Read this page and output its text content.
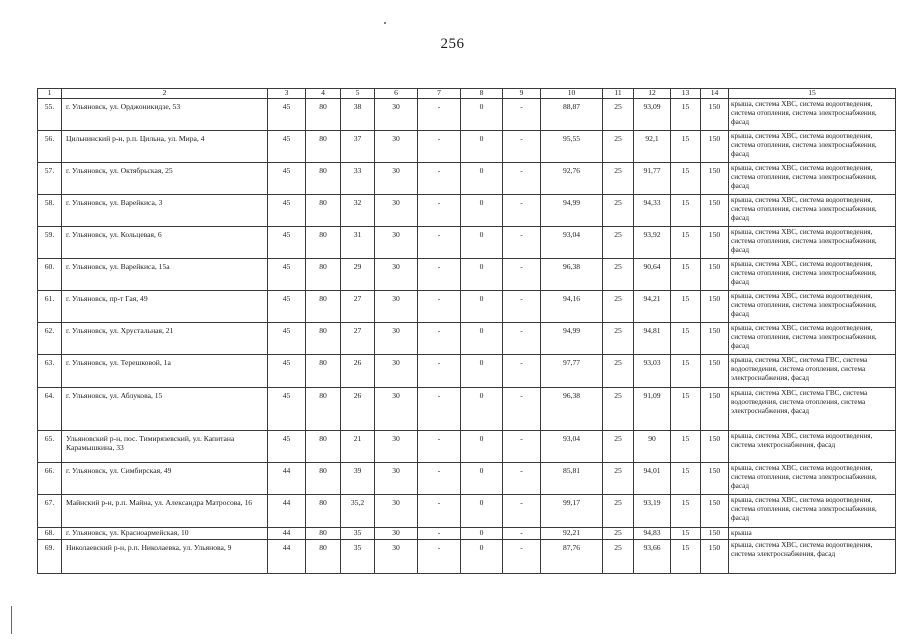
256
1	2	3	4	5	6	7	8	9	10	11	12	13	14	15
55.	г. Ульяновск, ул. Орджоникидзе, 53	45	80	38	30	-	0	-	88,87	25	93,09	15	150	крыша, система ХВС, система водоотведения, система отопления, система электроснабжения, фасад
56.	Цильнинский р-н, р.п. Цильна, ул. Мира, 4	45	80	37	30	-	0	-	95,55	25	92,1	15	150	крыша, система ХВС, система водоотведения, система отопления, система электроснабжения, фасад
57.	г. Ульяновск, ул. Октябрьская, 25	45	80	33	30	-	0	-	92,76	25	91,77	15	150	крыша, система ХВС, система водоотведения, система отопления, система электроснабжения, фасад
58.	г. Ульяновск, ул. Варейкиса, 3	45	80	32	30	-	0	-	94,99	25	94,33	15	150	крыша, система ХВС, система водоотведения, система отопления, система электроснабжения, фасад
59.	г. Ульяновск, ул. Кольцевая, 6	45	80	31	30	-	0	-	93,04	25	93,92	15	150	крыша, система ХВС, система водоотведения, система отопления, система электроснабжения, фасад
60.	г. Ульяновск, ул. Варейкиса, 15а	45	80	29	30	-	0	-	96,38	25	90,64	15	150	крыша, система ХВС, система водоотведения, система отопления, система электроснабжения, фасад
61.	г. Ульяновск, пр-т Гая, 49	45	80	27	30	-	0	-	94,16	25	94,21	15	150	крыша, система ХВС, система водоотведения, система отопления, система электроснабжения, фасад
62.	г. Ульяновск, ул. Хрустальная, 21	45	80	27	30	-	0	-	94,99	25	94,81	15	150	крыша, система ХВС, система водоотведения, система отопления, система электроснабжения, фасад
63.	г. Ульяновск, ул. Терешковой, 1а	45	80	26	30	-	0	-	97,77	25	93,03	15	150	крыша, система ХВС, система ГВС, система водоотведения, система отопления, система электроснабжения, фасад
64.	г. Ульяновск, ул. Аблукова, 15	45	80	26	30	-	0	-	96,38	25	91,09	15	150	крыша, система ХВС, система ГВС, система водоотведения, система отопления, система электроснабжения, фасад
65.	Ульяновский р-н, пос. Тимирязевский, ул. Капитана Карамышкина, 33	45	80	21	30	-	0	-	93,04	25	90	15	150	крыша, система ХВС, система водоотведения, система электроснабжения, фасад
66.	г. Ульяновск, ул. Симбирская, 49	44	80	39	30	-	0	-	85,81	25	94,01	15	150	крыша, система ХВС, система водоотведения, система отопления, система электроснабжения, фасад
67.	Майнский р-н, р.п. Майна, ул. Александра Матросова, 16	44	80	35,2	30	-	0	-	99,17	25	93,19	15	150	крыша, система ХВС, система водоотведения, система отопления, система электроснабжения, фасад
68.	г. Ульяновск, ул. Красноармейская, 10	44	80	35	30	-	0	-	92,21	25	94,83	15	150	крыша
69.	Николаевский р-н, р.п. Николаевка, ул. Ульянова, 9	44	80	35	30	-	0	-	87,76	25	93,66	15	150	крыша, система ХВС, система водоотведения, система электроснабжения, фасад
